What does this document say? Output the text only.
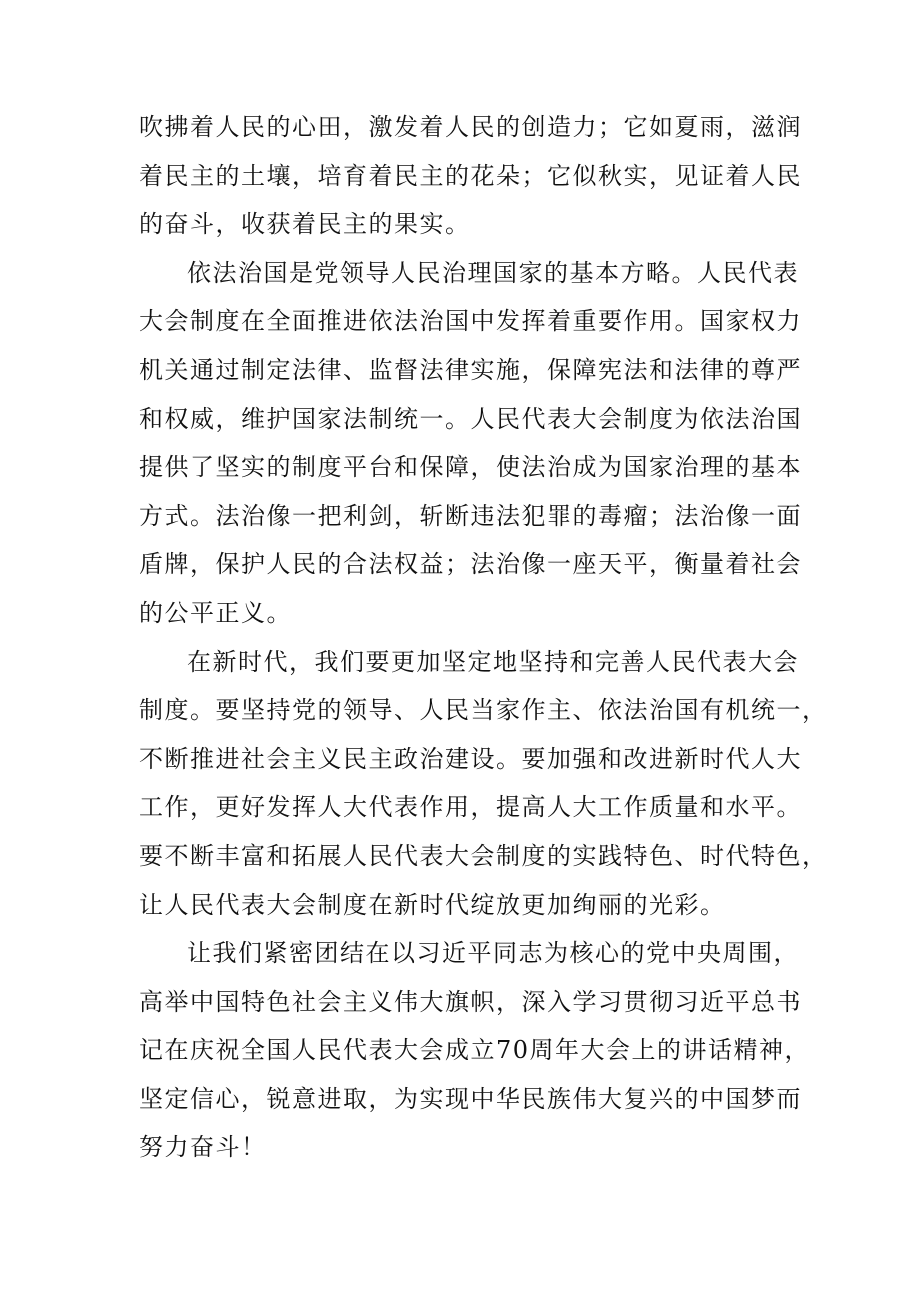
吹拂着人民的心田，激发着人民的创造力；它如夏雨，滋润
着民主的土壤，培育着民主的花朵；它似秋实，见证着人民
的奋斗，收获着民主的果实。
依法治国是党领导人民治理国家的基本方略。人民代表
大会制度在全面推进依法治国中发挥着重要作用。国家权力
机关通过制定法律、监督法律实施，保障宪法和法律的尊严
和权威，维护国家法制统一。人民代表大会制度为依法治国
提供了坚实的制度平台和保障，使法治成为国家治理的基本
方式。法治像一把利剑，斩断违法犯罪的毒瘤；法治像一面
盾牌，保护人民的合法权益；法治像一座天平，衡量着社会
的公平正义。
在新时代，我们要更加坚定地坚持和完善人民代表大会
制度。要坚持党的领导、人民当家作主、依法治国有机统一，
不断推进社会主义民主政治建设。要加强和改进新时代人大
工作，更好发挥人大代表作用，提高人大工作质量和水平。
要不断丰富和拓展人民代表大会制度的实践特色、时代特色，
让人民代表大会制度在新时代绽放更加绚丽的光彩。
让我们紧密团结在以习近平同志为核心的党中央周围，
高举中国特色社会主义伟大旗帜，深入学习贯彻习近平总书
记在庆祝全国人民代表大会成立70周年大会上的讲话精神，
坚定信心，锐意进取，为实现中华民族伟大复兴的中国梦而
努力奋斗！
